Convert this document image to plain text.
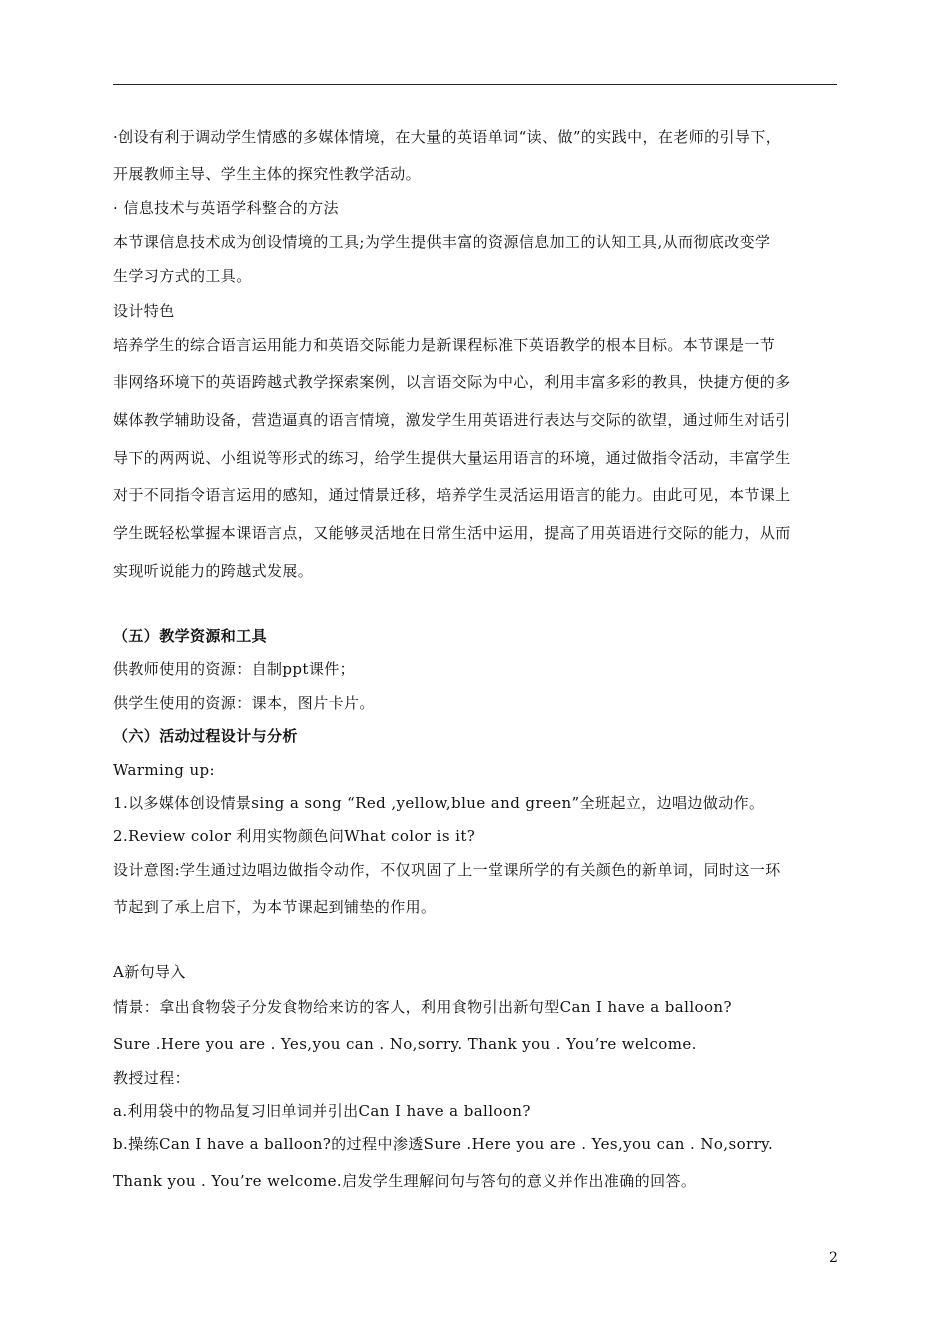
·创设有利于调动学生情感的多媒体情境，在大量的英语单词“读、做”的实践中，在老师的引导下，
开展教师主导、学生主体的探究性教学活动。
· 信息技术与英语学科整合的方法
本节课信息技术成为创设情境的工具;为学生提供丰富的资源信息加工的认知工具,从而彻底改变学
生学习方式的工具。
设计特色
培养学生的综合语言运用能力和英语交际能力是新课程标准下英语教学的根本目标。本节课是一节
非网络环境下的英语跨越式教学探索案例，以言语交际为中心，利用丰富多彩的教具，快捷方便的多
媒体教学辅助设备，营造逼真的语言情境，激发学生用英语进行表达与交际的欲望，通过师生对话引
导下的两两说、小组说等形式的练习，给学生提供大量运用语言的环境，通过做指令活动，丰富学生
对于不同指令语言运用的感知，通过情景迁移，培养学生灵活运用语言的能力。由此可见，本节课上
学生既轻松掌握本课语言点，又能够灵活地在日常生活中运用，提高了用英语进行交际的能力，从而
实现听说能力的跨越式发展。
（五）教学资源和工具
供教师使用的资源：自制ppt课件；
供学生使用的资源：课本，图片卡片。
（六）活动过程设计与分析
Warming up:
1.以多媒体创设情景sing a song “Red ,yellow,blue and green”全班起立，边唱边做动作。
2.Review color 利用实物颜色问What color is it?
设计意图:学生通过边唱边做指令动作，不仅巩固了上一堂课所学的有关颜色的新单词，同时这一环
节起到了承上启下，为本节课起到铺垫的作用。
A新句导入
情景：拿出食物袋子分发食物给来访的客人，利用食物引出新句型Can I have a balloon?
Sure .Here you are . Yes,you can . No,sorry. Thank you . You’re welcome.
教授过程：
a.利用袋中的物品复习旧单词并引出Can I have a balloon?
b.操练Can I have a balloon?的过程中渗透Sure .Here you are . Yes,you can . No,sorry.
Thank you . You’re welcome.启发学生理解问句与答句的意义并作出准确的回答。
2
